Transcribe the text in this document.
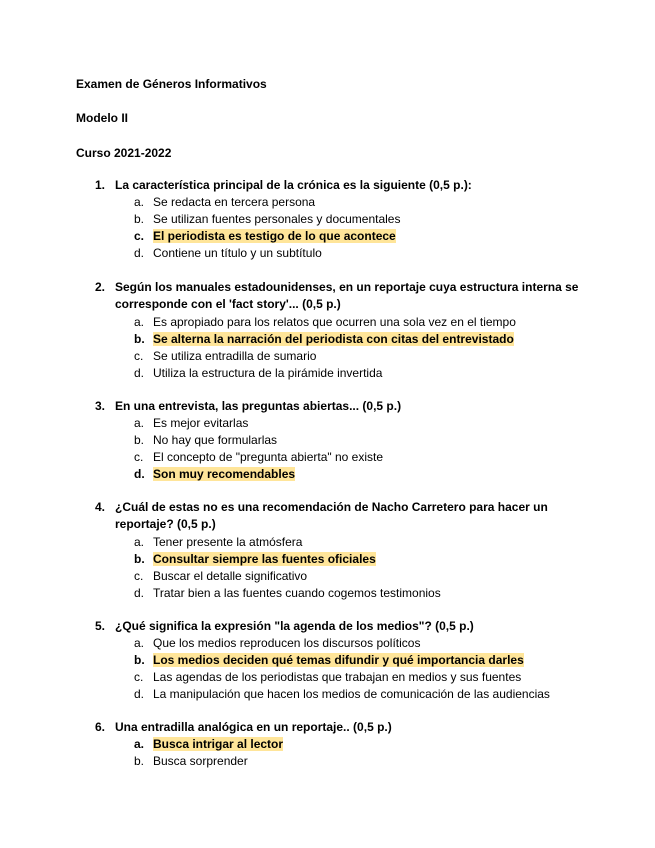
Examen de Géneros Informativos
Modelo II
Curso 2021-2022
1. La característica principal de la crónica es la siguiente (0,5 p.):
a. Se redacta en tercera persona
b. Se utilizan fuentes personales y documentales
c. El periodista es testigo de lo que acontece
d. Contiene un título y un subtítulo
2. Según los manuales estadounidenses, en un reportaje cuya estructura interna se corresponde con el 'fact story'... (0,5 p.)
a. Es apropiado para los relatos que ocurren una sola vez en el tiempo
b. Se alterna la narración del periodista con citas del entrevistado
c. Se utiliza entradilla de sumario
d. Utiliza la estructura de la pirámide invertida
3. En una entrevista, las preguntas abiertas... (0,5 p.)
a. Es mejor evitarlas
b. No hay que formularlas
c. El concepto de "pregunta abierta" no existe
d. Son muy recomendables
4. ¿Cuál de estas no es una recomendación de Nacho Carretero para hacer un reportaje? (0,5 p.)
a. Tener presente la atmósfera
b. Consultar siempre las fuentes oficiales
c. Buscar el detalle significativo
d. Tratar bien a las fuentes cuando cogemos testimonios
5. ¿Qué significa la expresión "la agenda de los medios"? (0,5 p.)
a. Que los medios reproducen los discursos políticos
b. Los medios deciden qué temas difundir y qué importancia darles
c. Las agendas de los periodistas que trabajan en medios y sus fuentes
d. La manipulación que hacen los medios de comunicación de las audiencias
6. Una entradilla analógica en un reportaje.. (0,5 p.)
a. Busca intrigar al lector
b. Busca sorprender
